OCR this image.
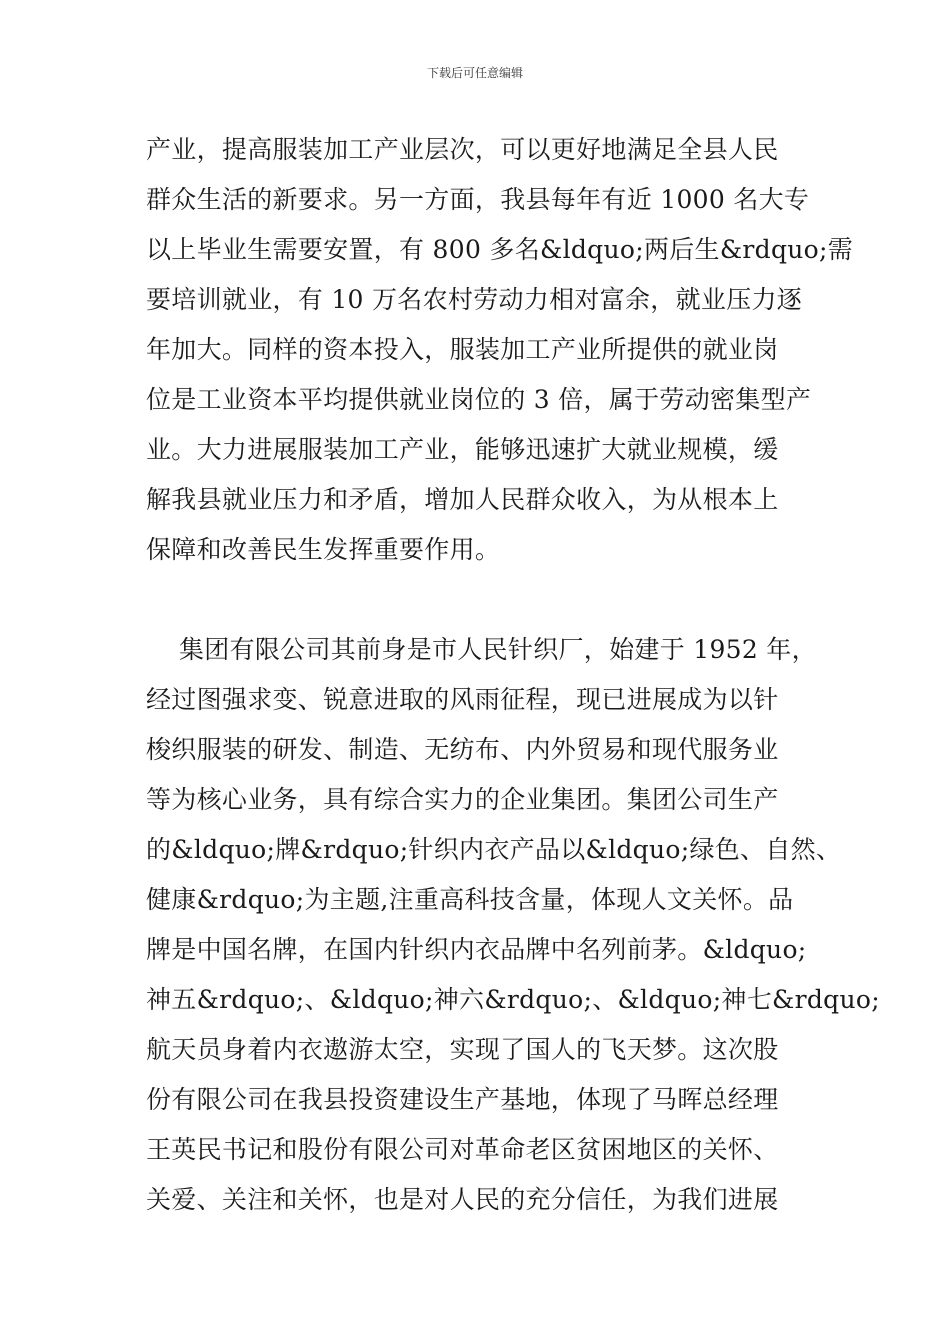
下载后可任意编辑
产业，提高服装加工产业层次，可以更好地满足全县人民
群众生活的新要求。另一方面，我县每年有近 1000 名大专
以上毕业生需要安置，有 800 多名&ldquo;两后生&rdquo;需
要培训就业，有 10 万名农村劳动力相对富余，就业压力逐
年加大。同样的资本投入，服装加工产业所提供的就业岗
位是工业资本平均提供就业岗位的 3 倍，属于劳动密集型产
业。大力进展服装加工产业，能够迅速扩大就业规模，缓
解我县就业压力和矛盾，增加人民群众收入，为从根本上
保障和改善民生发挥重要作用。
集团有限公司其前身是市人民针织厂，始建于 1952 年，
经过图强求变、锐意进取的风雨征程，现已进展成为以针
梭织服装的研发、制造、无纺布、内外贸易和现代服务业
等为核心业务，具有综合实力的企业集团。集团公司生产
的&ldquo;牌&rdquo;针织内衣产品以&ldquo;绿色、自然、
健康&rdquo;为主题,注重高科技含量，体现人文关怀。品
牌是中国名牌，在国内针织内衣品牌中名列前茅。&ldquo;
神五&rdquo;、&ldquo;神六&rdquo;、&ldquo;神七&rdquo;
航天员身着内衣遨游太空，实现了国人的飞天梦。这次股
份有限公司在我县投资建设生产基地，体现了马晖总经理
王英民书记和股份有限公司对革命老区贫困地区的关怀、
关爱、关注和关怀，也是对人民的充分信任，为我们进展
